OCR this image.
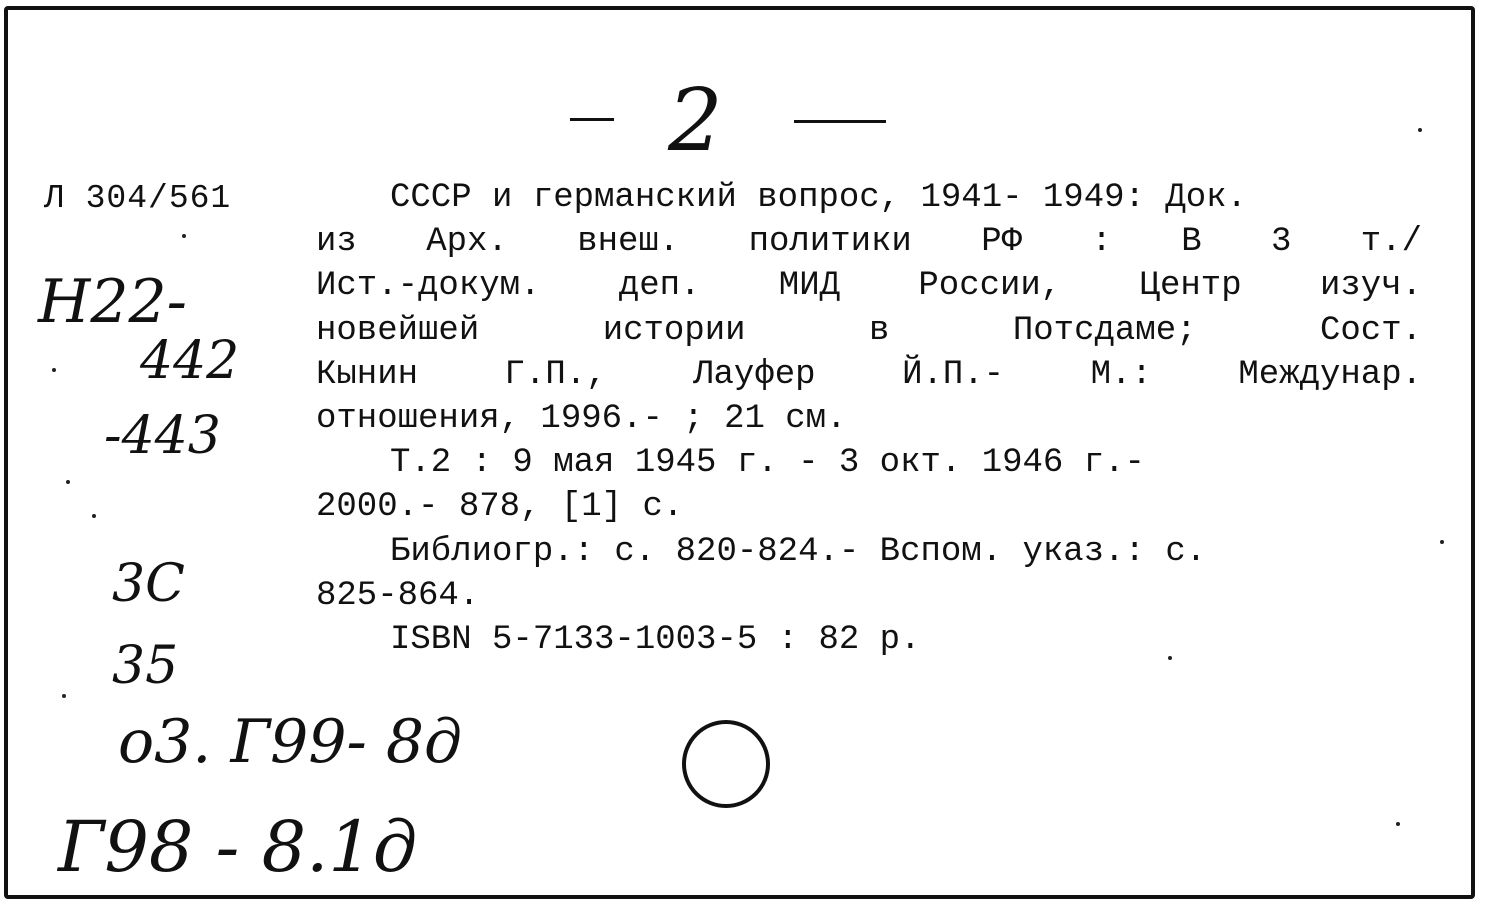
2
Л 304/561	СССР и германский вопрос, 1941- 1949: Док.
из Арх. внеш. политики РФ : В 3 т./
Ист.-докум. деп. МИД России, Центр изуч.
новейшей истории в Потсдаме; Сост.
Кынин Г.П., Лауфер Й.П.- М.: Междунар.
отношения, 1996.- ; 21 см.
Т.2 : 9 мая 1945 г. - 3 окт. 1946 г.-
2000.- 878, [1] с.
Библиогр.: с. 820-824.- Вспом. указ.: с.
825-864.
ISBN 5-7133-1003-5 : 82 р.
Н22-
442
-443
3С
35
о3. Г99- 8д
Г98 - 8.1д
